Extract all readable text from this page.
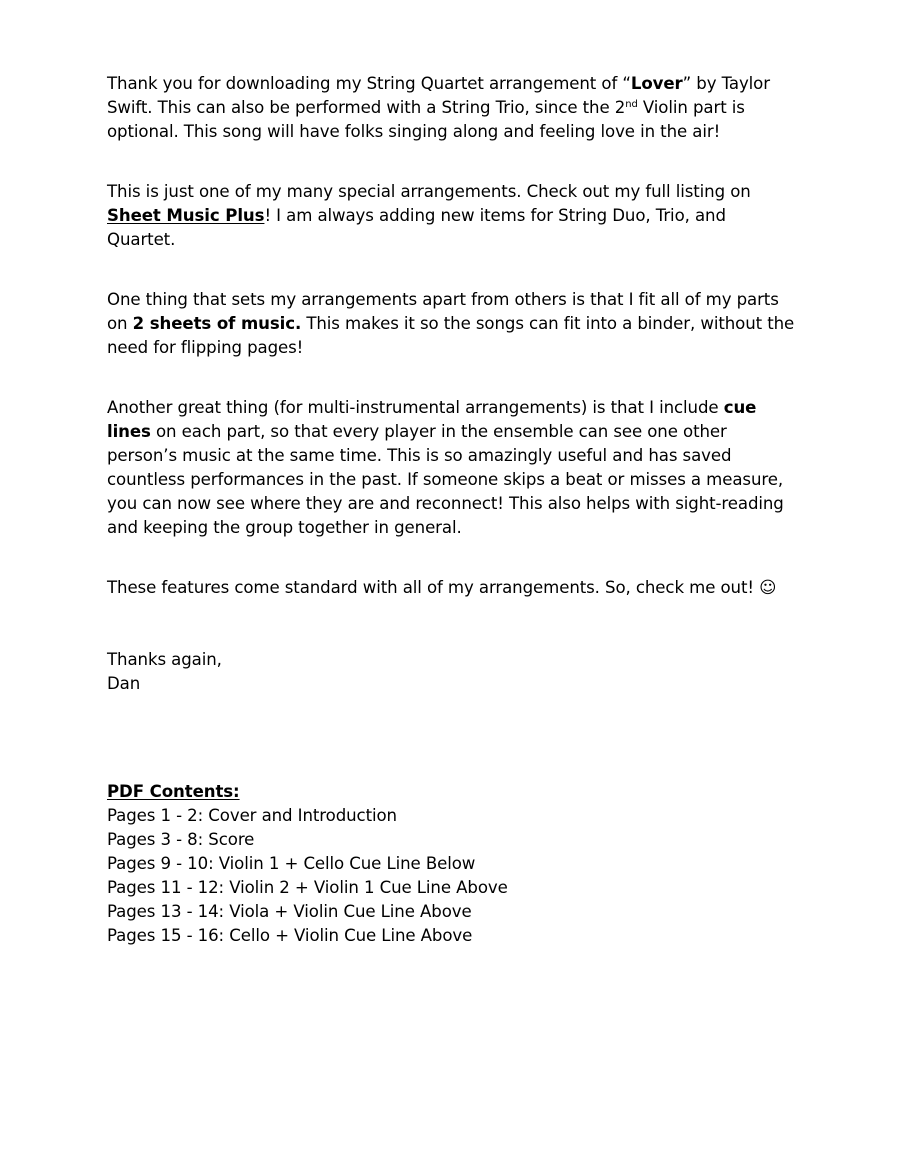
Thank you for downloading my String Quartet arrangement of “Lover” by Taylor Swift. This can also be performed with a String Trio, since the 2nd Violin part is optional. This song will have folks singing along and feeling love in the air!

This is just one of my many special arrangements. Check out my full listing on Sheet Music Plus! I am always adding new items for String Duo, Trio, and Quartet.

One thing that sets my arrangements apart from others is that I fit all of my parts on 2 sheets of music. This makes it so the songs can fit into a binder, without the need for flipping pages!

Another great thing (for multi-instrumental arrangements) is that I include cue lines on each part, so that every player in the ensemble can see one other person’s music at the same time. This is so amazingly useful and has saved countless performances in the past. If someone skips a beat or misses a measure, you can now see where they are and reconnect! This also helps with sight-reading and keeping the group together in general.

These features come standard with all of my arrangements. So, check me out! ☺

Thanks again,

Dan

PDF Contents:

Pages 1 - 2: Cover and Introduction
Pages 3 - 8: Score
Pages 9 - 10: Violin 1 + Cello Cue Line Below
Pages 11 - 12: Violin 2 + Violin 1 Cue Line Above
Pages 13 - 14: Viola + Violin Cue Line Above
Pages 15 - 16: Cello + Violin Cue Line Above
